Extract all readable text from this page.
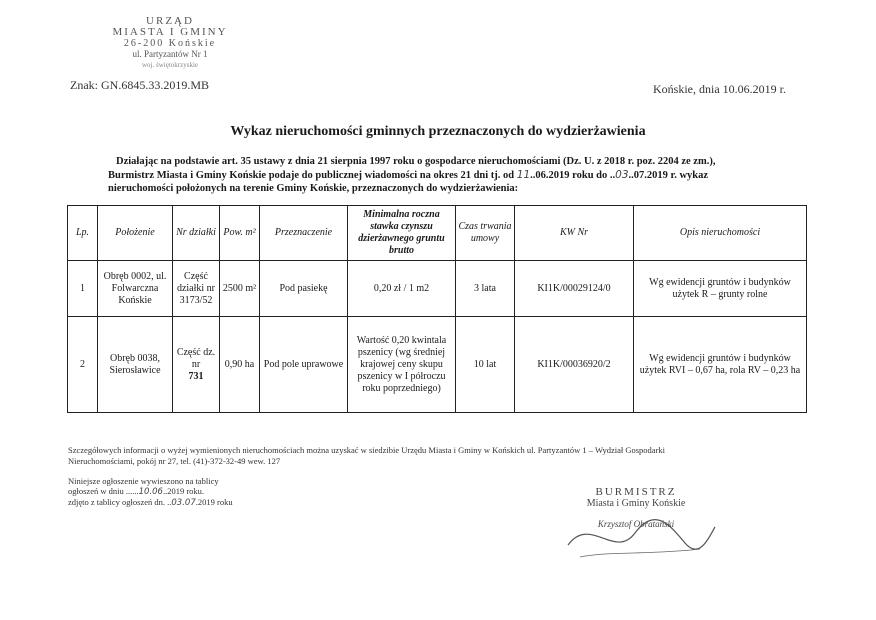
URZĄD
MIASTA I GMINY
26-200 Końskie
ul. Partyzantów Nr 1
woj. świętokrzyskie
Znak: GN.6845.33.2019.MB	Końskie, dnia 10.06.2019 r.
Wykaz nieruchomości gminnych przeznaczonych do wydzierżawienia
Działając na podstawie art. 35 ustawy z dnia 21 sierpnia 1997 roku o gospodarce nieruchomościami (Dz. U. z 2018 r. poz. 2204 ze zm.),
Burmistrz Miasta i Gminy Końskie podaje do publicznej wiadomości na okres 21 dni tj. od 11..06.2019 roku do ..03..07.2019 r. wykaz
nieruchomości położonych na terenie Gminy Końskie, przeznaczonych do wydzierżawienia:
Lp.	Położenie	Nr działki	Pow. m²	Przeznaczenie	Minimalna roczna stawka czynszu dzierżawnego gruntu brutto	Czas trwania umowy	KW Nr	Opis nieruchomości
1	Obręb 0002, ul. Folwarczna Końskie	Część działki nr 3173/52	2500 m²	Pod pasiekę	0,20 zł / 1 m2	3 lata	KI1K/00029124/0	Wg ewidencji gruntów i budynków użytek R – grunty rolne
2	Obręb 0038, Sierosławice	Część dz. nr
731	0,90 ha	Pod pole uprawowe	Wartość 0,20 kwintala pszenicy (wg średniej krajowej ceny skupu pszenicy w I półroczu roku poprzedniego)	10 lat	KI1K/00036920/2	Wg ewidencji gruntów i budynków użytek RVI – 0,67 ha, rola RV – 0,23 ha
Szczegółowych informacji o wyżej wymienionych nieruchomościach można uzyskać w siedzibie Urzędu Miasta i Gminy w Końskich ul. Partyzantów 1 – Wydział Gospodarki
Nieruchomościami, pokój nr 27, tel. (41)-372-32-49 wew. 127
Niniejsze ogłoszenie wywieszono na tablicy
ogłoszeń w dniu ......10.06..2019 roku.
zdjęto z tablicy ogłoszeń dn. ..03.07.2019 roku
BURMISTRZ
Miasta i Gminy Końskie
Krzysztof Obratański
